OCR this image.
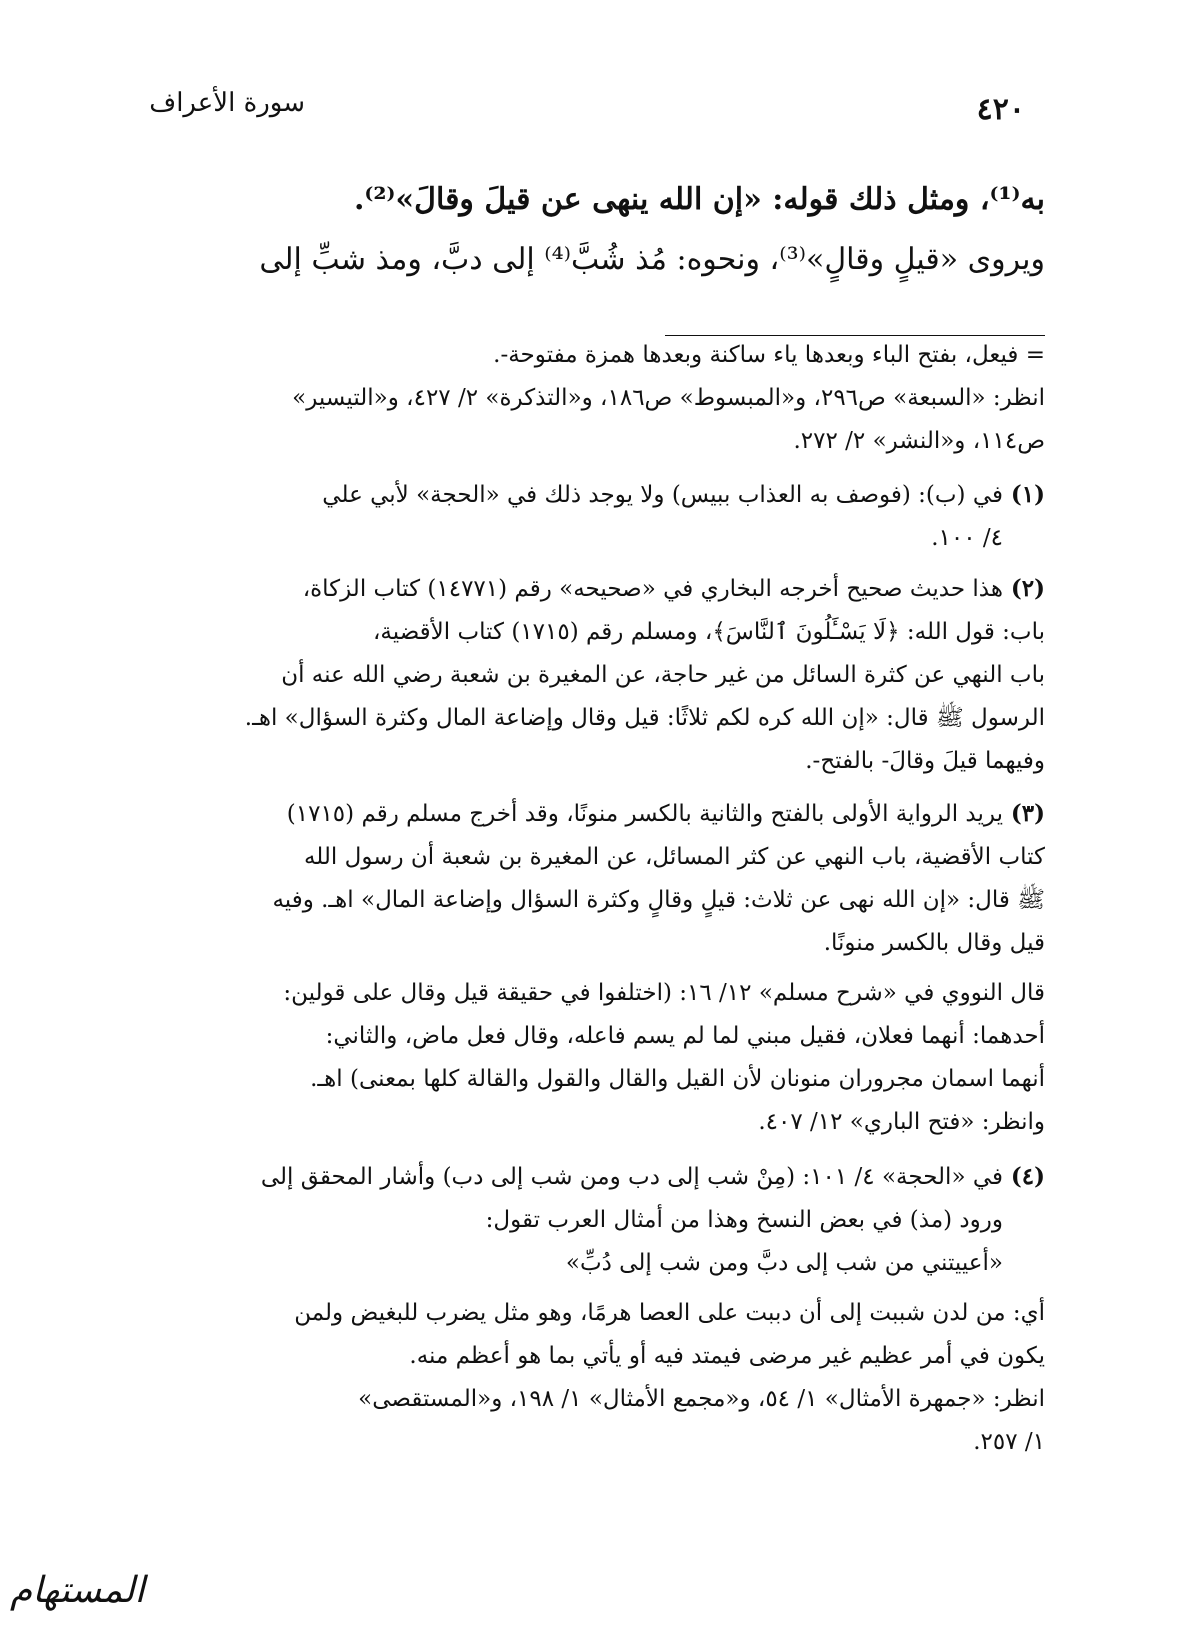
سورة الأعراف	٤٢٠
به⁽¹⁾، ومثل ذلك قوله: «إن الله ينهى عن قيلَ وقالَ»⁽²⁾.
ويروى «قيلٍ وقالٍ»⁽³⁾، ونحوه: مُذ شُبَّ⁽⁴⁾ إلى دبَّ، ومذ شبِّ إلى
= فيعل، بفتح الباء وبعدها ياء ساكنة وبعدها همزة مفتوحة-.
انظر: «السبعة» ص٢٩٦، و«المبسوط» ص١٨٦، و«التذكرة» ٢/ ٤٢٧، و«التيسير»
ص١١٤، و«النشر» ٢/ ٢٧٢.
(١)
في (ب): (فوصف به العذاب ببيس) ولا يوجد ذلك في «الحجة» لأبي علي
٤/ ١٠٠.
(٢)
هذا حديث صحيح أخرجه البخاري في «صحيحه» رقم (١٤٧٧١) كتاب الزكاة،
باب: قول الله: ﴿لَا يَسْـَٔلُونَ ٱلنَّاسَ﴾، ومسلم رقم (١٧١٥) كتاب الأقضية،
باب النهي عن كثرة السائل من غير حاجة، عن المغيرة بن شعبة رضي الله عنه أن
الرسول ﷺ قال: «إن الله كره لكم ثلاثًا: قيل وقال وإضاعة المال وكثرة السؤال» اهـ.
وفيهما قيلَ وقالَ- بالفتح-.
(٣)
يريد الرواية الأولى بالفتح والثانية بالكسر منونًا، وقد أخرج مسلم رقم (١٧١٥)
كتاب الأقضية، باب النهي عن كثر المسائل، عن المغيرة بن شعبة أن رسول الله
ﷺ قال: «إن الله نهى عن ثلاث: قيلٍ وقالٍ وكثرة السؤال وإضاعة المال» اهـ. وفيه
قيل وقال بالكسر منونًا.
قال النووي في «شرح مسلم» ١٢/ ١٦: (اختلفوا في حقيقة قيل وقال على قولين:
أحدهما: أنهما فعلان، فقيل مبني لما لم يسم فاعله، وقال فعل ماض، والثاني:
أنهما اسمان مجروران منونان لأن القيل والقال والقول والقالة كلها بمعنى) اهـ.
وانظر: «فتح الباري» ١٢/ ٤٠٧.
(٤)
في «الحجة» ٤/ ١٠١: (مِنْ شب إلى دب ومن شب إلى دب) وأشار المحقق إلى
ورود (مذ) في بعض النسخ وهذا من أمثال العرب تقول:
«أعييتني من شب إلى دبَّ ومن شب إلى دُبِّ»
أي: من لدن شببت إلى أن دببت على العصا هرمًا، وهو مثل يضرب للبغيض ولمن
يكون في أمر عظيم غير مرضى فيمتد فيه أو يأتي بما هو أعظم منه.
انظر: «جمهرة الأمثال» ١/ ٥٤، و«مجمع الأمثال» ١/ ١٩٨، و«المستقصى»
١/ ٢٥٧.
المستهام
